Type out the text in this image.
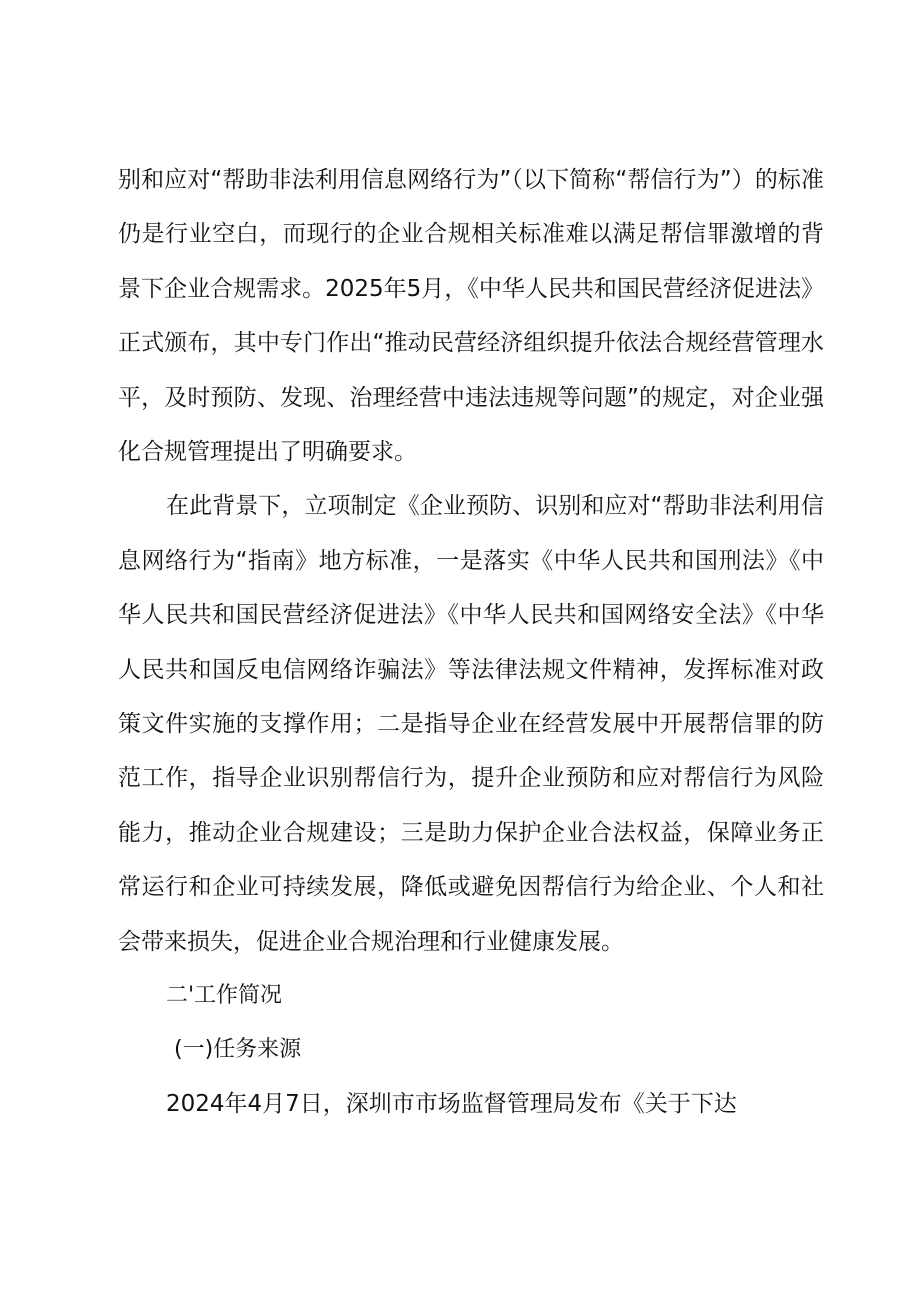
别和应对“帮助非法利用信息网络行为”（以下简称“帮信行为”）的标准仍是行业空白，而现行的企业合规相关标准难以满足帮信罪激增的背景下企业合规需求。2025年5月，《中华人民共和国民营经济促进法》正式颁布，其中专门作出“推动民营经济组织提升依法合规经营管理水平，及时预防、发现、治理经营中违法违规等问题”的规定，对企业强化合规管理提出了明确要求。

在此背景下，立项制定《企业预防、识别和应对“帮助非法利用信息网络行为“指南》地方标准，一是落实《中华人民共和国刑法》《中华人民共和国民营经济促进法》《中华人民共和国网络安全法》《中华人民共和国反电信网络诈骗法》等法律法规文件精神，发挥标准对政策文件实施的支撑作用；二是指导企业在经营发展中开展帮信罪的防范工作，指导企业识别帮信行为，提升企业预防和应对帮信行为风险能力，推动企业合规建设；三是助力保护企业合法权益，保障业务正常运行和企业可持续发展，降低或避免因帮信行为给企业、个人和社会带来损失，促进企业合规治理和行业健康发展。

二'工作简况

(一)任务来源

2024年4月7日，深圳市市场监督管理局发布《关于下达
